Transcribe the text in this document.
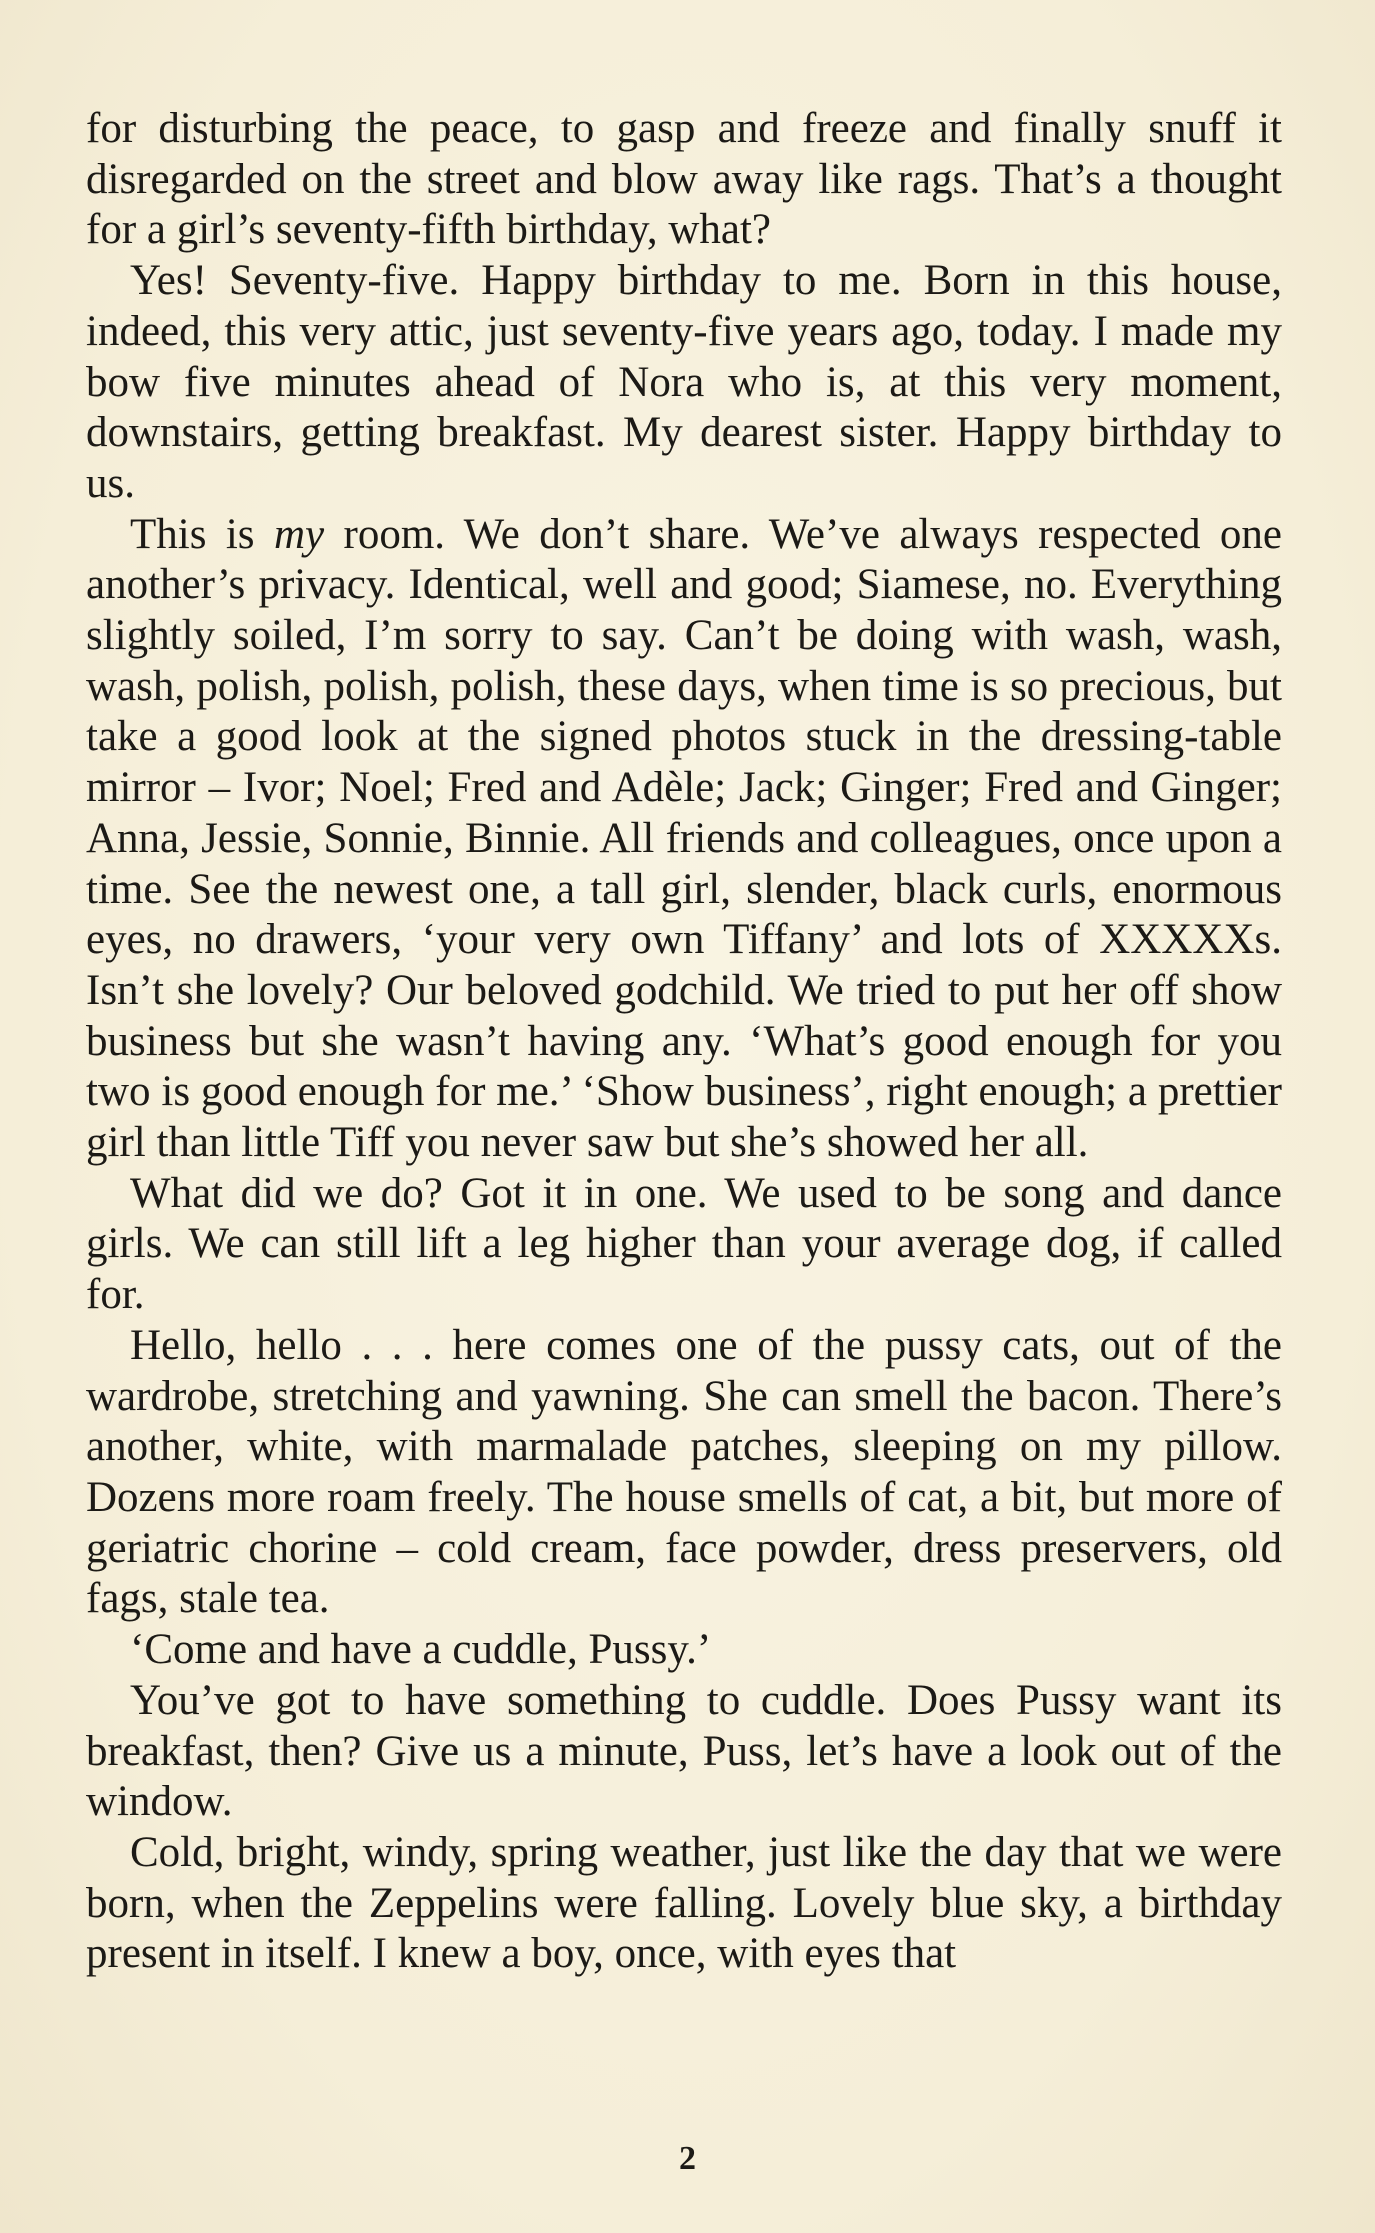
for disturbing the peace, to gasp and freeze and finally snuff it disregarded on the street and blow away like rags. That’s a thought for a girl’s seventy-fifth birthday, what?

Yes! Seventy-five. Happy birthday to me. Born in this house, indeed, this very attic, just seventy-five years ago, today. I made my bow five minutes ahead of Nora who is, at this very moment, downstairs, getting breakfast. My dearest sister. Happy birthday to us.

This is my room. We don’t share. We’ve always respected one another’s privacy. Identical, well and good; Siamese, no. Everything slightly soiled, I’m sorry to say. Can’t be doing with wash, wash, wash, polish, polish, polish, these days, when time is so precious, but take a good look at the signed photos stuck in the dressing-table mirror – Ivor; Noel; Fred and Adèle; Jack; Ginger; Fred and Ginger; Anna, Jessie, Sonnie, Binnie. All friends and colleagues, once upon a time. See the newest one, a tall girl, slender, black curls, enormous eyes, no drawers, ‘your very own Tiffany’ and lots of XXXXXs. Isn’t she lovely? Our beloved godchild. We tried to put her off show business but she wasn’t having any. ‘What’s good enough for you two is good enough for me.’ ‘Show business’, right enough; a prettier girl than little Tiff you never saw but she’s showed her all.

What did we do? Got it in one. We used to be song and dance girls. We can still lift a leg higher than your average dog, if called for.

Hello, hello . . . here comes one of the pussy cats, out of the wardrobe, stretching and yawning. She can smell the bacon. There’s another, white, with marmalade patches, sleeping on my pillow. Dozens more roam freely. The house smells of cat, a bit, but more of geriatric chorine – cold cream, face powder, dress preservers, old fags, stale tea.

‘Come and have a cuddle, Pussy.’

You’ve got to have something to cuddle. Does Pussy want its breakfast, then? Give us a minute, Puss, let’s have a look out of the window.

Cold, bright, windy, spring weather, just like the day that we were born, when the Zeppelins were falling. Lovely blue sky, a birthday present in itself. I knew a boy, once, with eyes that

2
